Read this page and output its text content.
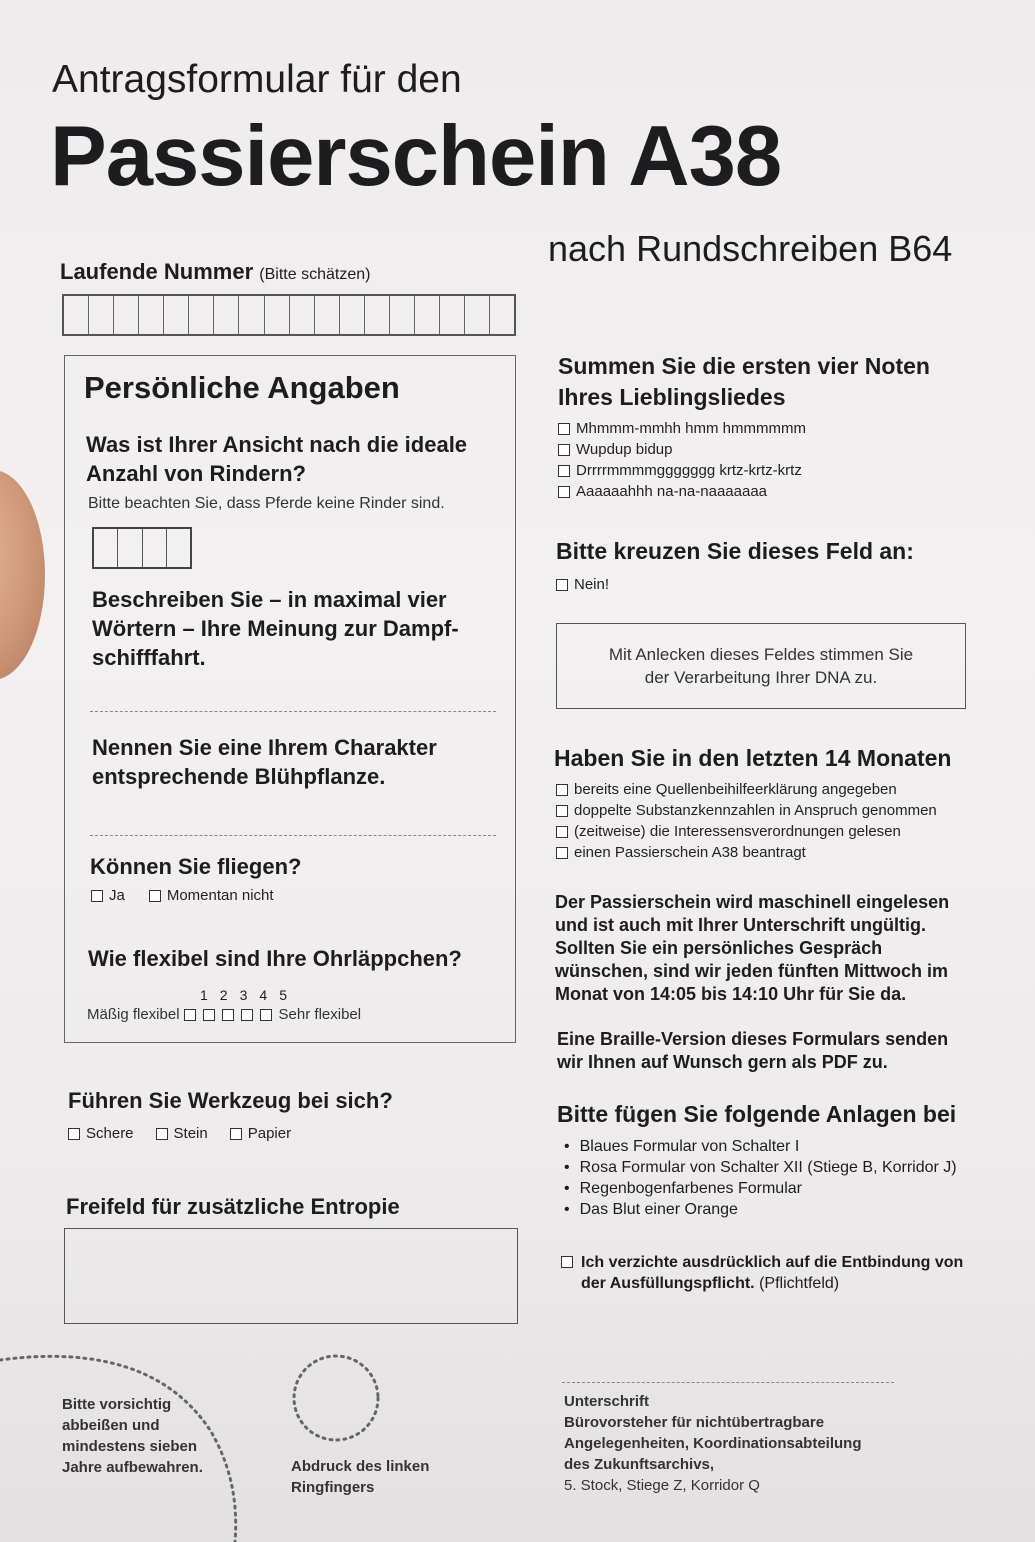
Antragsformular für den
Passierschein A38
nach Rundschreiben B64
Laufende Nummer (Bitte schätzen)
Persönliche Angaben
Was ist Ihrer Ansicht nach die ideale Anzahl von Rindern?
Bitte beachten Sie, dass Pferde keine Rinder sind.
Beschreiben Sie – in maximal vier Wörtern – Ihre Meinung zur Dampf- schifffahrt.
Nennen Sie eine Ihrem Charakter entsprechende Blühpflanze.
Können Sie fliegen?
Ja	Momentan nicht
Wie flexibel sind Ihre Ohrläppchen?
1 2 3 4 5
Mäßig flexibel	Sehr flexibel
Führen Sie Werkzeug bei sich?
Schere	Stein	Papier
Freifeld für zusätzliche Entropie
Bitte vorsichtig abbeißen und mindestens sieben Jahre aufbewahren.	Abdruck des linken Ringfingers
Summen Sie die ersten vier Noten Ihres Lieblingsliedes
Mhmmm-mmhh hmm hmmmmmm
Wupdup bidup
Drrrrmmmmggggggg krtz-krtz-krtz
Aaaaaahhh na-na-naaaaaaa
Bitte kreuzen Sie dieses Feld an:
Nein!
Mit Anlecken dieses Feldes stimmen Sie der Verarbeitung Ihrer DNA zu.
Haben Sie in den letzten 14 Monaten
bereits eine Quellenbeihilfeerklärung angegeben
doppelte Substanzkennzahlen in Anspruch genommen
(zeitweise) die Interessensverordnungen gelesen
einen Passierschein A38 beantragt
Der Passierschein wird maschinell eingelesen und ist auch mit Ihrer Unterschrift ungültig. Sollten Sie ein persönliches Gespräch wünschen, sind wir jeden fünften Mittwoch im Monat von 14:05 bis 14:10 Uhr für Sie da.
Eine Braille-Version dieses Formulars senden wir Ihnen auf Wunsch gern als PDF zu.
Bitte fügen Sie folgende Anlagen bei
• Blaues Formular von Schalter I
• Rosa Formular von Schalter XII (Stiege B, Korridor J)
• Regenbogenfarbenes Formular
• Das Blut einer Orange
Ich verzichte ausdrücklich auf die Entbindung von der Ausfüllungspflicht. (Pflichtfeld)
Unterschrift
Bürovorsteher für nichtübertragbare
Angelegenheiten, Koordinationsabteilung
des Zukunftsarchivs,
5. Stock, Stiege Z, Korridor Q
